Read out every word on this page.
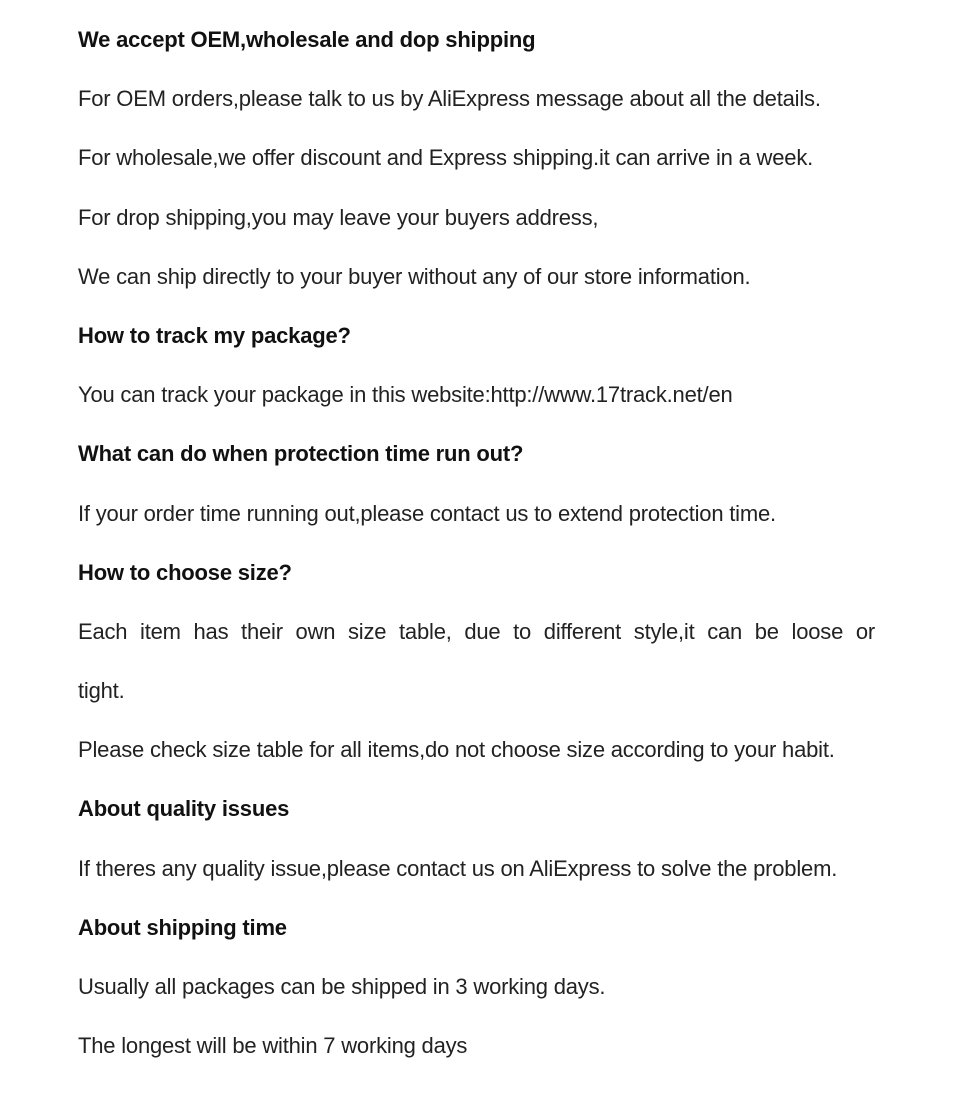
We accept OEM,wholesale and dop shipping
For OEM orders,please talk to us by AliExpress message about all the details.
For wholesale,we offer discount and Express shipping.it can arrive in a week.
For drop shipping,you may leave your buyers address,
We can ship directly to your buyer without any of our store information.
How to track my package?
You can track your package in this website:http://www.17track.net/en
What can do when protection time run out?
If your order time running out,please contact us to extend protection time.
How to choose size?
Each item has their own size table, due to different style,it can be loose or
tight.
Please check size table for all items,do not choose size according to your habit.
About quality issues
If theres any quality issue,please contact us on AliExpress to solve the problem.
About shipping time
Usually all packages can be shipped in 3 working days.
The longest will be within 7 working days
